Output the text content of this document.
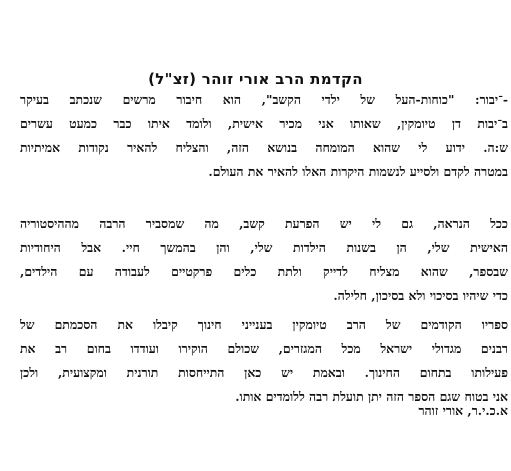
הקדמת הרב אורי זוהר (זצ"ל)
-־יבור: "כוחות-העל של ילדי הקשב", הוא חיבור מרשים שנכתב בעיקר
ב־יבות דן טיומקין, שאותו אני מכיר אישית, ולומד איתו כבר כמעט עשרים
ש:ה. ידוע לי שהוא המומחה בנושא הזה, והצליח להאיר נקודות אמיתיות
במטרה לקדם ולסייע לנשמות היקרות האלו להאיר את העולם.
ככל הנראה, גם לי יש הפרעת קשב, מה שמסביר הרבה מההיסטוריה
האישית שלי, הן בשנות הילדות שלי, והן בהמשך חיי. אבל היחודיות
שבספר, שהוא מצליח לדייק ולתת כלים פרקטיים לעבודה עם הילדים,
כדי שיהיו בסיכוי ולא בסיכון, חלילה.
ספריו הקודמים של הרב טיומקין בענייני חינוך קיבלו את הסכמתם של
רבנים מגדולי ישראל מכל המגזרים, שכולם הוקירו ועודדו בחום רב את
פעילותו בתחום החינוך. ובאמת יש כאן התייחסות תורנית ומקצועית, ולכן
אני בטוח שגם הספר הזה יתן תועלת רבה ללומדים אותו.
א.כ.י.ר, אורי זוהר
